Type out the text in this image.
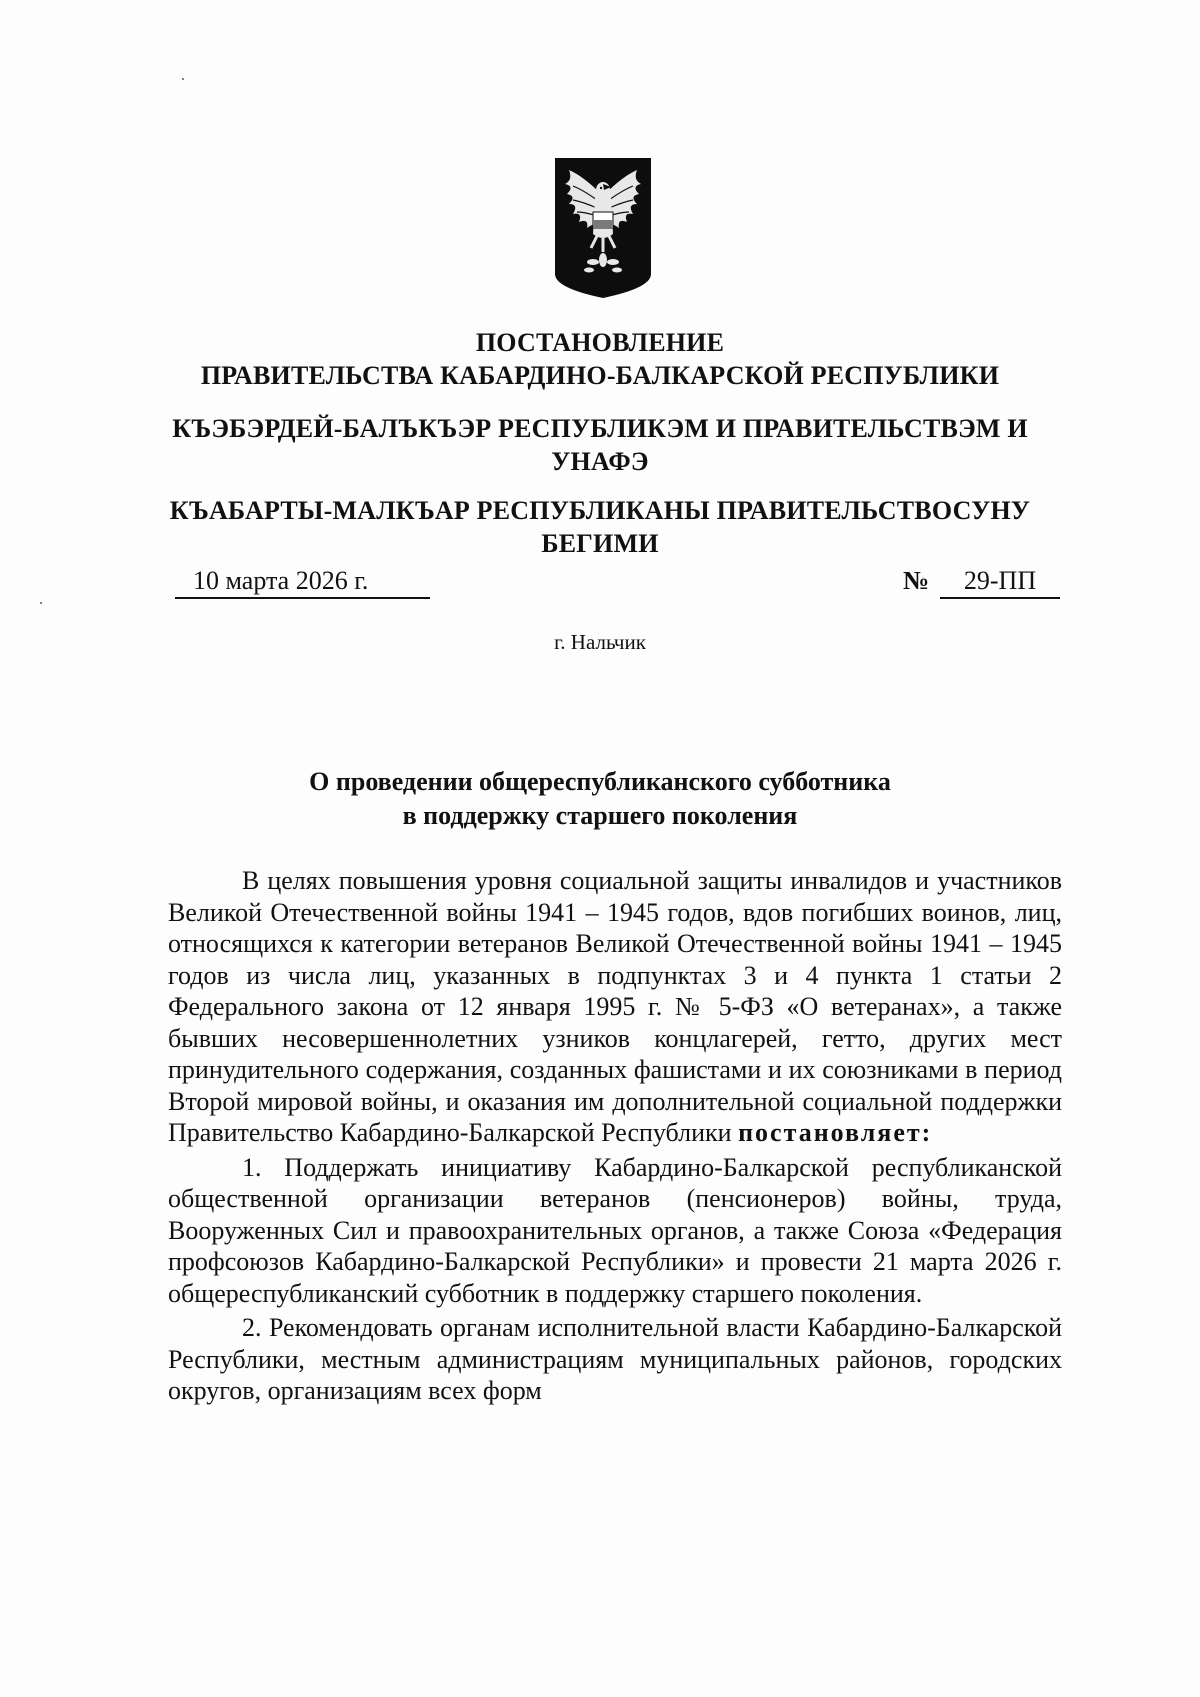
ПОСТАНОВЛЕНИЕ
ПРАВИТЕЛЬСТВА КАБАРДИНО-БАЛКАРСКОЙ РЕСПУБЛИКИ
КЪЭБЭРДЕЙ-БАЛЪКЪЭР РЕСПУБЛИКЭМ И ПРАВИТЕЛЬСТВЭМ И
УНАФЭ
КЪАБАРТЫ-МАЛКЪАР РЕСПУБЛИКАНЫ ПРАВИТЕЛЬСТВОСУНУ
БЕГИМИ
10 марта 2026 г.	№	29-ПП
г. Нальчик
О проведении общереспубликанского субботника
в поддержку старшего поколения

В целях повышения уровня социальной защиты инвалидов и участников Великой Отечественной войны 1941 – 1945 годов, вдов погибших воинов, лиц, относящихся к категории ветеранов Великой Отечественной войны 1941 – 1945 годов из числа лиц, указанных в подпунктах 3 и 4 пункта 1 статьи 2 Федерального закона от 12 января 1995 г. № 5-ФЗ «О ветеранах», а также бывших несовершеннолетних узников концлагерей, гетто, других мест принудительного содержания, созданных фашистами и их союзниками в период Второй мировой войны, и оказания им дополнительной социальной поддержки Правительство Кабардино-Балкарской Республики постановляет:

1. Поддержать инициативу Кабардино-Балкарской республиканской общественной организации ветеранов (пенсионеров) войны, труда, Вооруженных Сил и правоохранительных органов, а также Союза «Федерация профсоюзов Кабардино-Балкарской Республики» и провести 21 марта 2026 г. общереспубликанский субботник в поддержку старшего поколения.

2. Рекомендовать органам исполнительной власти Кабардино-Балкарской Республики, местным администрациям муниципальных районов, городских округов, организациям всех форм
